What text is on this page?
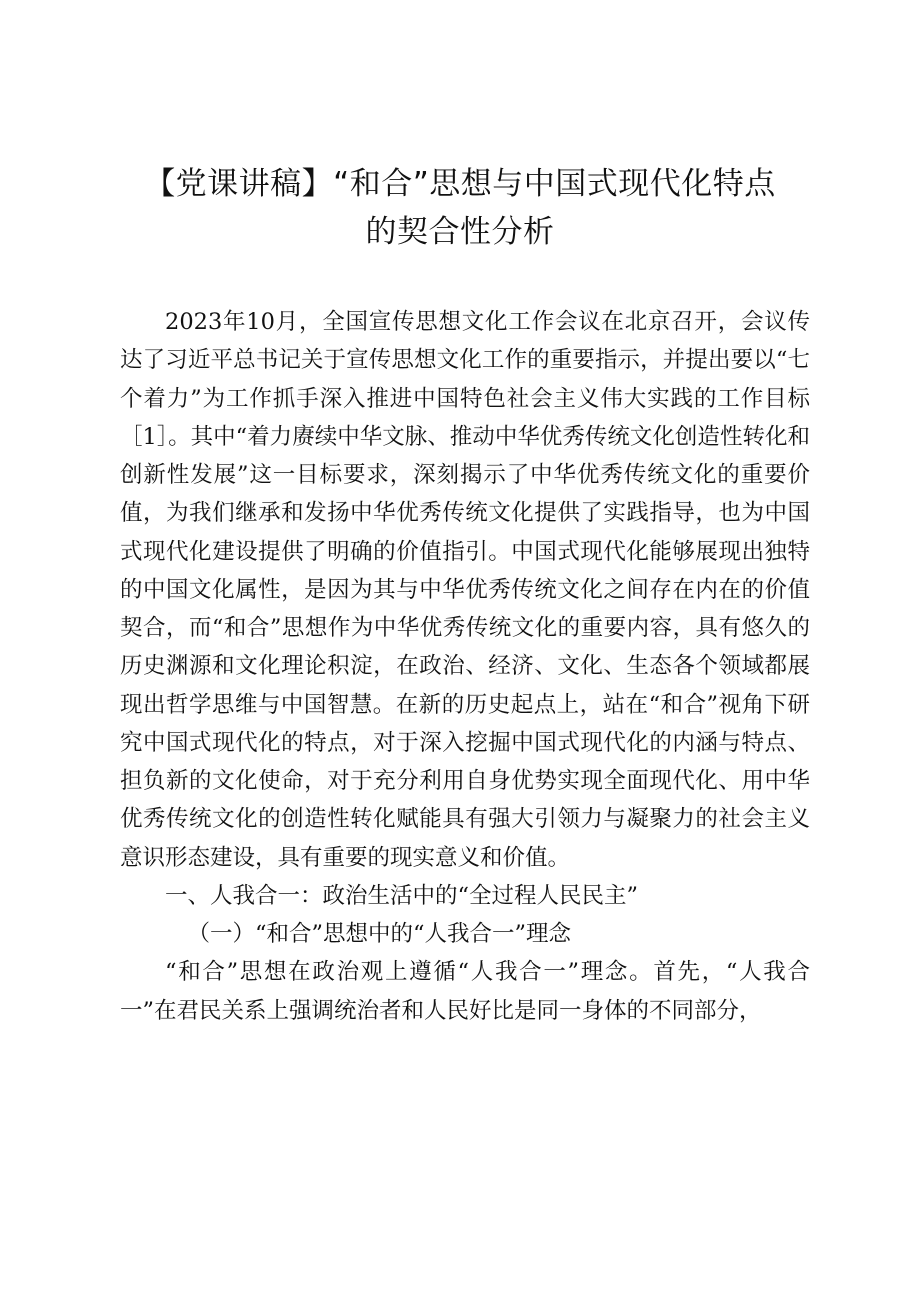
【党课讲稿】“和合”思想与中国式现代化特点
的契合性分析

2023年10月，全国宣传思想文化工作会议在北京召开，会议传达了习近平总书记关于宣传思想文化工作的重要指示，并提出要以“七个着力”为工作抓手深入推进中国特色社会主义伟大实践的工作目标［1］。其中“着力赓续中华文脉、推动中华优秀传统文化创造性转化和创新性发展”这一目标要求，深刻揭示了中华优秀传统文化的重要价值，为我们继承和发扬中华优秀传统文化提供了实践指导，也为中国式现代化建设提供了明确的价值指引。中国式现代化能够展现出独特的中国文化属性，是因为其与中华优秀传统文化之间存在内在的价值契合，而“和合”思想作为中华优秀传统文化的重要内容，具有悠久的历史渊源和文化理论积淀，在政治、经济、文化、生态各个领域都展现出哲学思维与中国智慧。在新的历史起点上，站在“和合”视角下研究中国式现代化的特点，对于深入挖掘中国式现代化的内涵与特点、担负新的文化使命，对于充分利用自身优势实现全面现代化、用中华优秀传统文化的创造性转化赋能具有强大引领力与凝聚力的社会主义意识形态建设，具有重要的现实意义和价值。

一、人我合一：政治生活中的“全过程人民民主”

（一）“和合”思想中的“人我合一”理念

“和合”思想在政治观上遵循“人我合一”理念。首先，“人我合一”在君民关系上强调统治者和人民好比是同一身体的不同部分，
